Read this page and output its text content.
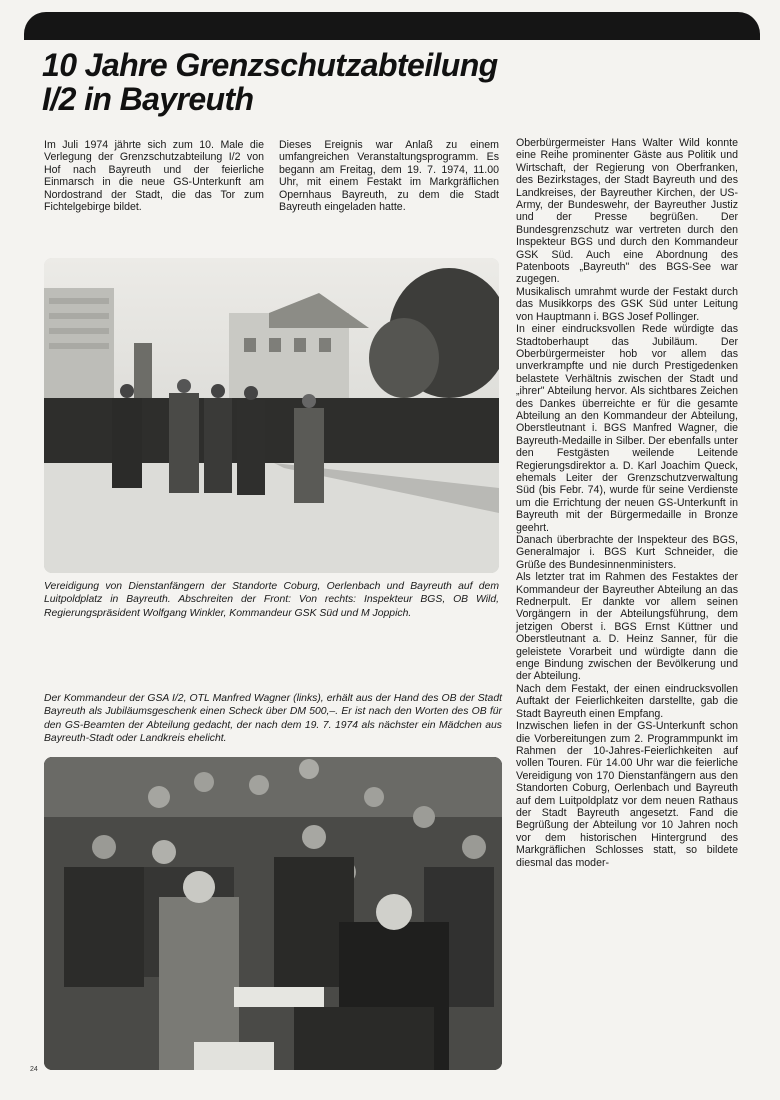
10 Jahre Grenzschutzabteilung
I/2 in Bayreuth

Im Juli 1974 jährte sich zum 10. Male die Verlegung der Grenzschutzabteilung I/2 von Hof nach Bayreuth und der feierliche Einmarsch in die neue GS-Unterkunft am Nordostrand der Stadt, die das Tor zum Fichtelgebirge bildet.

Dieses Ereignis war Anlaß zu einem umfangreichen Veranstaltungsprogramm. Es begann am Freitag, dem 19. 7. 1974, 11.00 Uhr, mit einem Festakt im Markgräflichen Opernhaus Bayreuth, zu dem die Stadt Bayreuth eingeladen hatte.

Vereidigung von Dienstanfängern der Standorte Coburg, Oerlenbach und Bayreuth auf dem Luitpoldplatz in Bayreuth. Abschreiten der Front: Von rechts: Inspekteur BGS, OB Wild, Regierungspräsident Wolfgang Winkler, Kommandeur GSK Süd und M Joppich.
Der Kommandeur der GSA I/2, OTL Manfred Wagner (links), erhält aus der Hand des OB der Stadt Bayreuth als Jubiläumsgeschenk einen Scheck über DM 500,–. Er ist nach den Worten des OB für den GS-Beamten der Abteilung gedacht, der nach dem 19. 7. 1974 als nächster ein Mädchen aus Bayreuth-Stadt oder Landkreis ehelicht.

Oberbürgermeister Hans Walter Wild konnte eine Reihe prominenter Gäste aus Politik und Wirtschaft, der Regierung von Oberfranken, des Bezirkstages, der Stadt Bayreuth und des Landkreises, der Bayreuther Kirchen, der US-Army, der Bundeswehr, der Bayreuther Justiz und der Presse begrüßen. Der Bundesgrenzschutz war vertreten durch den Inspekteur BGS und durch den Kommandeur GSK Süd. Auch eine Abordnung des Patenboots „Bayreuth" des BGS-See war zugegen.

Musikalisch umrahmt wurde der Festakt durch das Musikkorps des GSK Süd unter Leitung von Hauptmann i. BGS Josef Pollinger.

In einer eindrucksvollen Rede würdigte das Stadtoberhaupt das Jubiläum. Der Oberbürgermeister hob vor allem das unverkrampfte und nie durch Prestigedenken belastete Verhältnis zwischen der Stadt und „ihrer" Abteilung hervor. Als sichtbares Zeichen des Dankes überreichte er für die gesamte Abteilung an den Kommandeur der Abteilung, Oberstleutnant i. BGS Manfred Wagner, die Bayreuth-Medaille in Silber. Der ebenfalls unter den Festgästen weilende Leitende Regierungsdirektor a. D. Karl Joachim Queck, ehemals Leiter der Grenzschutzverwaltung Süd (bis Febr. 74), wurde für seine Verdienste um die Errichtung der neuen GS-Unterkunft in Bayreuth mit der Bürgermedaille in Bronze geehrt.

Danach überbrachte der Inspekteur des BGS, Generalmajor i. BGS Kurt Schneider, die Grüße des Bundesinnenministers.

Als letzter trat im Rahmen des Festaktes der Kommandeur der Bayreuther Abteilung an das Rednerpult. Er dankte vor allem seinen Vorgängern in der Abteilungsführung, dem jetzigen Oberst i. BGS Ernst Küttner und Oberstleutnant a. D. Heinz Sanner, für die geleistete Vorarbeit und würdigte dann die enge Bindung zwischen der Bevölkerung und der Abteilung.

Nach dem Festakt, der einen eindrucksvollen Auftakt der Feierlichkeiten darstellte, gab die Stadt Bayreuth einen Empfang.

Inzwischen liefen in der GS-Unterkunft schon die Vorbereitungen zum 2. Programmpunkt im Rahmen der 10-Jahres-Feierlichkeiten auf vollen Touren. Für 14.00 Uhr war die feierliche Vereidigung von 170 Dienstanfängern aus den Standorten Coburg, Oerlenbach und Bayreuth auf dem Luitpoldplatz vor dem neuen Rathaus der Stadt Bayreuth angesetzt. Fand die Begrüßung der Abteilung vor 10 Jahren noch vor dem historischen Hintergrund des Markgräflichen Schlosses statt, so bildete diesmal das moder-

24
